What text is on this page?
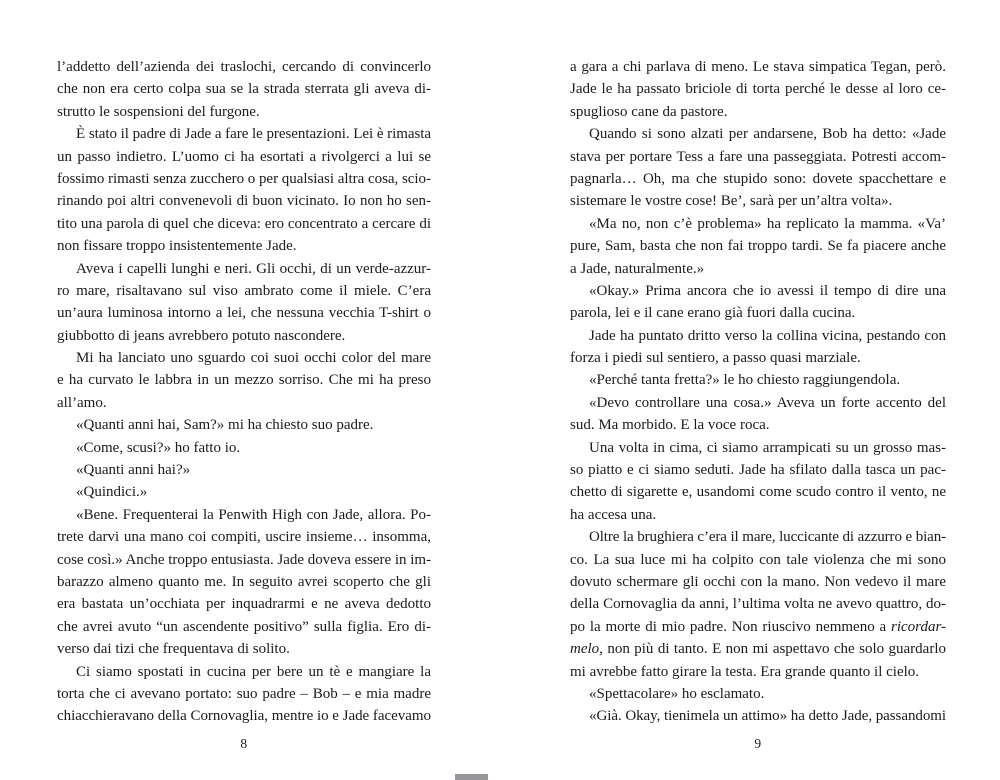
l’addetto dell’azienda dei traslochi, cercando di convincerlo
che non era certo colpa sua se la strada sterrata gli aveva di-
strutto le sospensioni del furgone.
È stato il padre di Jade a fare le presentazioni. Lei è rimasta
un passo indietro. L’uomo ci ha esortati a rivolgerci a lui se
fossimo rimasti senza zucchero o per qualsiasi altra cosa, scio-
rinando poi altri convenevoli di buon vicinato. Io non ho sen-
tito una parola di quel che diceva: ero concentrato a cercare di
non fissare troppo insistentemente Jade.
Aveva i capelli lunghi e neri. Gli occhi, di un verde-azzur-
ro mare, risaltavano sul viso ambrato come il miele. C’era
un’aura luminosa intorno a lei, che nessuna vecchia T-shirt o
giubbotto di jeans avrebbero potuto nascondere.
Mi ha lanciato uno sguardo coi suoi occhi color del mare
e ha curvato le labbra in un mezzo sorriso. Che mi ha preso
all’amo.
«Quanti anni hai, Sam?» mi ha chiesto suo padre.
«Come, scusi?» ho fatto io.
«Quanti anni hai?»
«Quindici.»
«Bene. Frequenterai la Penwith High con Jade, allora. Po-
trete darvi una mano coi compiti, uscire insieme… insomma,
cose così.» Anche troppo entusiasta. Jade doveva essere in im-
barazzo almeno quanto me. In seguito avrei scoperto che gli
era bastata un’occhiata per inquadrarmi e ne aveva dedotto
che avrei avuto “un ascendente positivo” sulla figlia. Ero di-
verso dai tizi che frequentava di solito.
Ci siamo spostati in cucina per bere un tè e mangiare la
torta che ci avevano portato: suo padre – Bob – e mia madre
chiacchieravano della Cornovaglia, mentre io e Jade facevamo
8
a gara a chi parlava di meno. Le stava simpatica Tegan, però.
Jade le ha passato briciole di torta perché le desse al loro ce-
spuglioso cane da pastore.
Quando si sono alzati per andarsene, Bob ha detto: «Jade
stava per portare Tess a fare una passeggiata. Potresti accom-
pagnarla… Oh, ma che stupido sono: dovete spacchettare e
sistemare le vostre cose! Be’, sarà per un’altra volta».
«Ma no, non c’è problema» ha replicato la mamma. «Va’
pure, Sam, basta che non fai troppo tardi. Se fa piacere anche
a Jade, naturalmente.»
«Okay.» Prima ancora che io avessi il tempo di dire una
parola, lei e il cane erano già fuori dalla cucina.
Jade ha puntato dritto verso la collina vicina, pestando con
forza i piedi sul sentiero, a passo quasi marziale.
«Perché tanta fretta?» le ho chiesto raggiungendola.
«Devo controllare una cosa.» Aveva un forte accento del
sud. Ma morbido. E la voce roca.
Una volta in cima, ci siamo arrampicati su un grosso mas-
so piatto e ci siamo seduti. Jade ha sfilato dalla tasca un pac-
chetto di sigarette e, usandomi come scudo contro il vento, ne
ha accesa una.
Oltre la brughiera c’era il mare, luccicante di azzurro e bian-
co. La sua luce mi ha colpito con tale violenza che mi sono
dovuto schermare gli occhi con la mano. Non vedevo il mare
della Cornovaglia da anni, l’ultima volta ne avevo quattro, do-
po la morte di mio padre. Non riuscivo nemmeno a ricordar-
melo, non più di tanto. E non mi aspettavo che solo guardarlo
mi avrebbe fatto girare la testa. Era grande quanto il cielo.
«Spettacolare» ho esclamato.
«Già. Okay, tienimela un attimo» ha detto Jade, passandomi
9
